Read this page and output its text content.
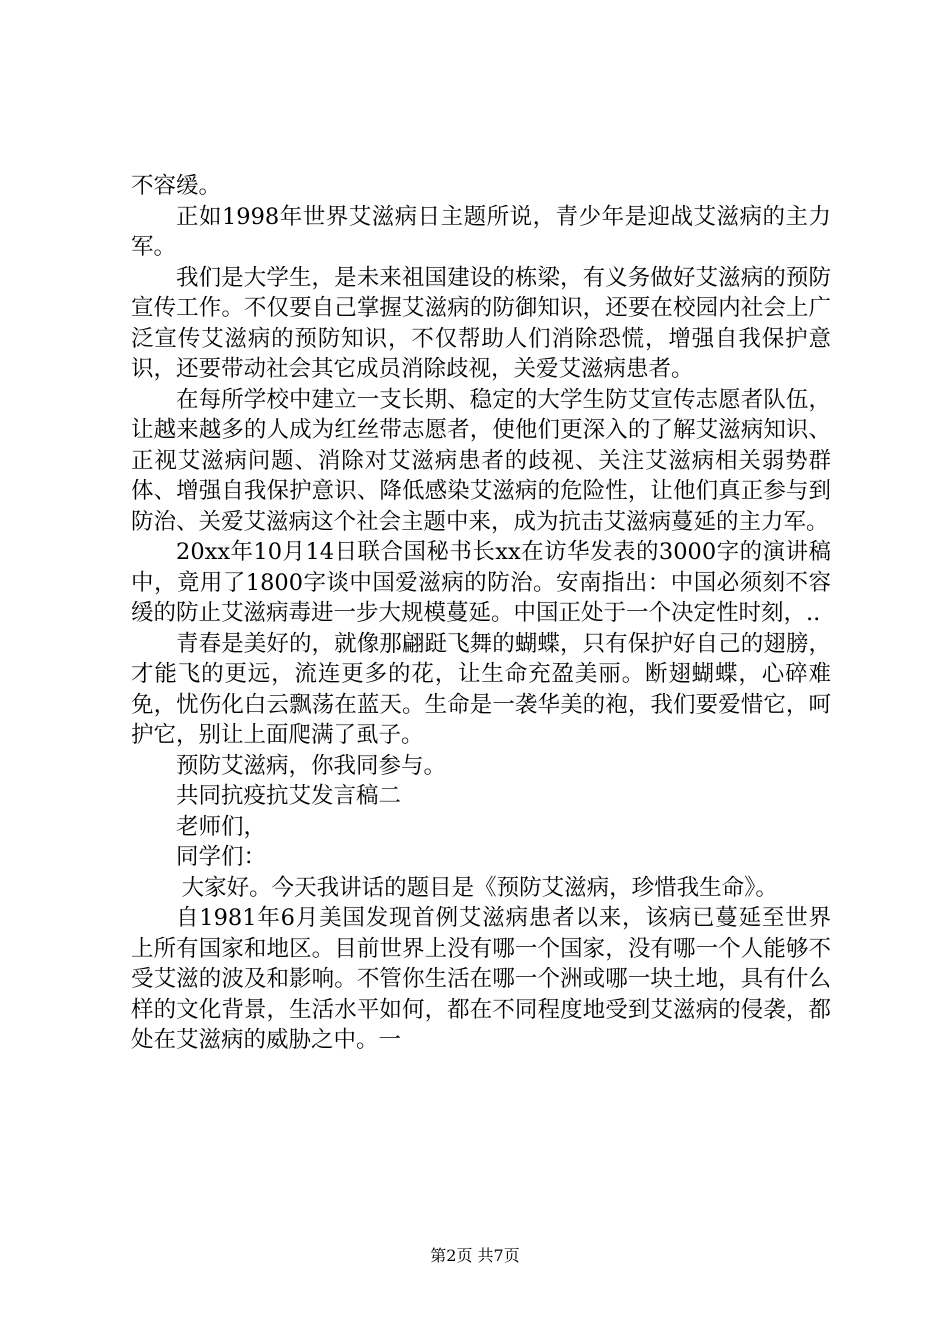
不容缓。

正如1998年世界艾滋病日主题所说，青少年是迎战艾滋病的主力军。

我们是大学生，是未来祖国建设的栋梁，有义务做好艾滋病的预防宣传工作。不仅要自己掌握艾滋病的防御知识，还要在校园内社会上广泛宣传艾滋病的预防知识，不仅帮助人们消除恐慌，增强自我保护意识，还要带动社会其它成员消除歧视，关爱艾滋病患者。

在每所学校中建立一支长期、稳定的大学生防艾宣传志愿者队伍，让越来越多的人成为红丝带志愿者，使他们更深入的了解艾滋病知识、正视艾滋病问题、消除对艾滋病患者的歧视、关注艾滋病相关弱势群体、增强自我保护意识、降低感染艾滋病的危险性，让他们真正参与到防治、关爱艾滋病这个社会主题中来，成为抗击艾滋病蔓延的主力军。

20xx年10月14日联合国秘书长xx在访华发表的3000字的演讲稿中，竟用了1800字谈中国爱滋病的防治。安南指出：中国必须刻不容缓的防止艾滋病毒进一步大规模蔓延。中国正处于一个决定性时刻，..

青春是美好的，就像那翩跹飞舞的蝴蝶，只有保护好自己的翅膀，才能飞的更远，流连更多的花，让生命充盈美丽。断翅蝴蝶，心碎难免，忧伤化白云飘荡在蓝天。生命是一袭华美的袍，我们要爱惜它，呵护它，别让上面爬满了虱子。

预防艾滋病，你我同参与。

共同抗疫抗艾发言稿二

老师们，

同学们：

大家好。今天我讲话的题目是《预防艾滋病，珍惜我生命》。

自1981年6月美国发现首例艾滋病患者以来，该病已蔓延至世界上所有国家和地区。目前世界上没有哪一个国家，没有哪一个人能够不受艾滋的波及和影响。不管你生活在哪一个洲或哪一块土地，具有什么样的文化背景，生活水平如何，都在不同程度地受到艾滋病的侵袭，都处在艾滋病的威胁之中。一

第2页 共7页
